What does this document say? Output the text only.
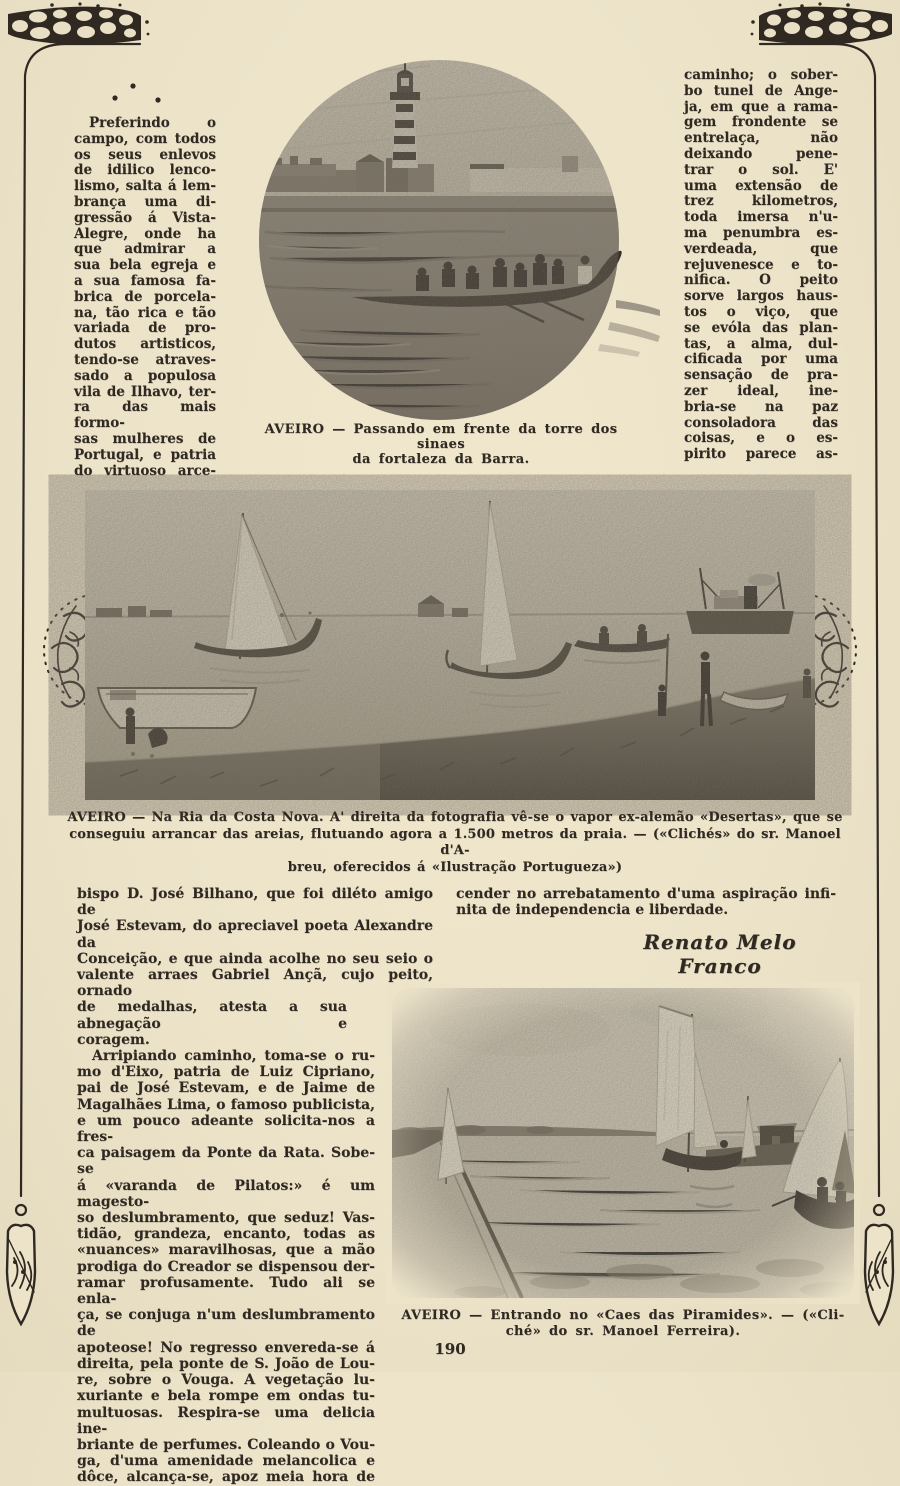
Preferindo o
campo, com todos
os seus enlevos
de idilico lenco-
lismo, salta á lem-
brança uma di-
gressão á Vista-
Alegre, onde ha
que admirar a
sua bela egreja e
a sua famosa fa-
brica de porcela-
na, tão rica e tão
variada de pro-
dutos artisticos,
tendo-se atraves-
sado a populosa
vila de Ilhavo, ter-
ra das mais formo-
sas mulheres de
Portugal, e patria
do virtuoso arce-
caminho; o sober-
bo tunel de Ange-
ja, em que a rama-
gem frondente se
entrelaça, não
deixando pene-
trar o sol. E'
uma extensão de
trez kilometros,
toda imersa n'u-
ma penumbra es-
verdeada, que
rejuvenesce e to-
nifica. O peito
sorve largos haus-
tos o viço, que
se evóla das plan-
tas, a alma, dul-
cificada por uma
sensação de pra-
zer ideal, ine-
bria-se na paz
consoladora das
coisas, e o es-
pirito parece as-
AVEIRO — Passando em frente da torre dos sinaes
da fortaleza da Barra.
AVEIRO — Na Ria da Costa Nova. A' direita da fotografia vê-se o vapor ex-alemão «Desertas», que se
conseguiu arrancar das areias, flutuando agora a 1.500 metros da praia. — («Clichés» do sr. Manoel d'A-
breu, oferecidos á «Ilustração Portugueza»)
bispo D. José Bilhano, que foi diléto amigo de
José Estevam, do apreciavel poeta Alexandre da
Conceição, e que ainda acolhe no seu seio o
valente arraes Gabriel Ançã, cujo peito, ornado
de medalhas, atesta a sua abnegação e
coragem.
Arripiando caminho, toma-se o ru-
mo d'Eixo, patria de Luiz Cipriano,
pai de José Estevam, e de Jaime de
Magalhães Lima, o famoso publicista,
e um pouco adeante solicita-nos a fres-
ca paisagem da Ponte da Rata. Sobe-se
á «varanda de Pilatos:» é um magesto-
so deslumbramento, que seduz! Vas-
tidão, grandeza, encanto, todas as
«nuances» maravilhosas, que a mão
prodiga do Creador se dispensou der-
ramar profusamente. Tudo ali se enla-
ça, se conjuga n'um deslumbramento de
apoteose! No regresso envereda-se á
direita, pela ponte de S. João de Lou-
re, sobre o Vouga. A vegetação lu-
xuriante e bela rompe em ondas tu-
multuosas. Respira-se uma delicia ine-
briante de perfumes. Coleando o Vou-
ga, d'uma amenidade melancolica e
dôce, alcança-se, apoz meia hora de
cender no arrebatamento d'uma aspiração infi-
nita de independencia e liberdade.
Renato Melo Franco
AVEIRO — Entrando no «Caes das Piramides». — («Cli-
ché» do sr. Manoel Ferreira).
190
